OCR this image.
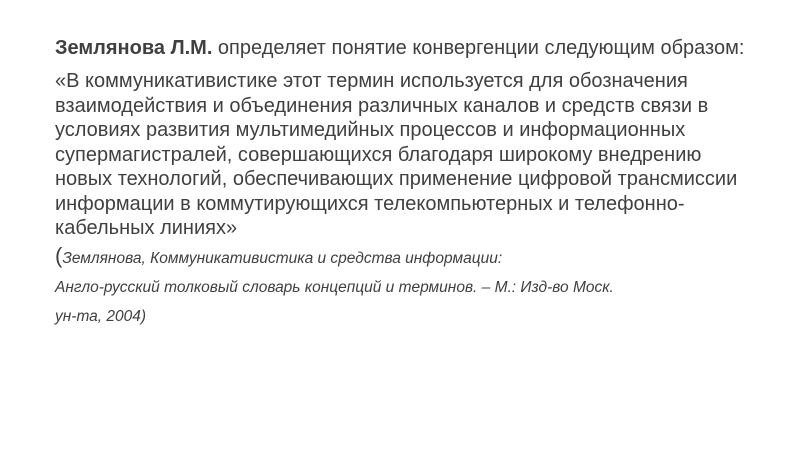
Землянова Л.М. определяет понятие конвергенции следующим образом:

«В коммуникативистике этот термин используется для обозначения взаимодействия и объединения различных каналов и средств связи в условиях развития мультимедийных процессов и информационных супермагистралей, совершающихся благодаря широкому внедрению новых технологий, обеспечивающих применение цифровой трансмиссии информации в коммутирующихся телекомпьютерных и телефонно- кабельных линиях»

(Землянова, Коммуникативистика и средства информации:

Англо-русский толковый словарь концепций и терминов. – М.: Изд-во Моск.

ун-та, 2004)
